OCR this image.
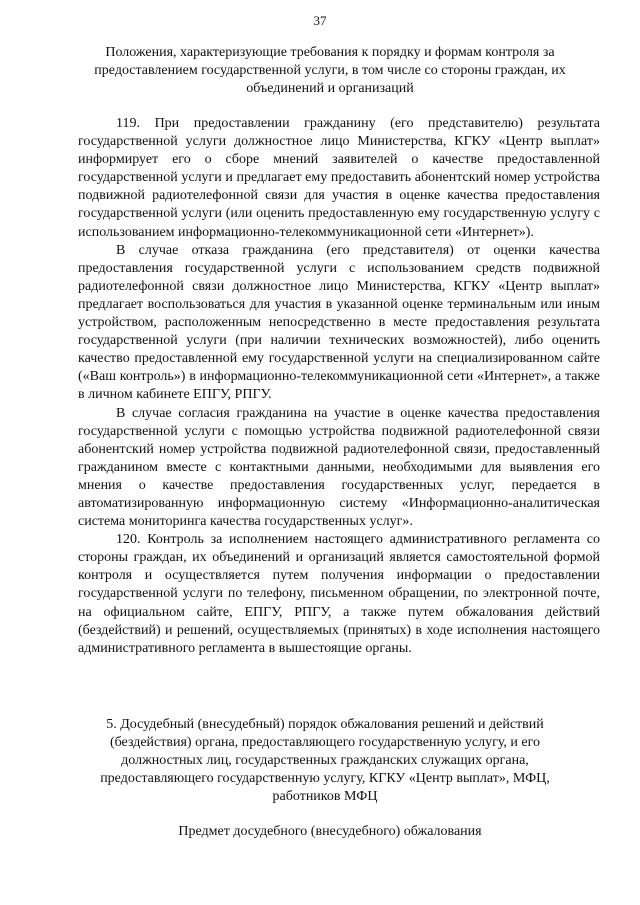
37
Положения, характеризующие требования к порядку и формам контроля за предоставлением государственной услуги, в том числе со стороны граждан, их объединений и организаций

119. При предоставлении гражданину (его представителю) результата государственной услуги должностное лицо Министерства, КГКУ «Центр выплат» информирует его о сборе мнений заявителей о качестве предоставленной государственной услуги и предлагает ему предоставить абонентский номер устройства подвижной радиотелефонной связи для участия в оценке качества предоставления государственной услуги (или оценить предоставленную ему государственную услугу с использованием информационно-телекоммуникационной сети «Интернет»).

В случае отказа гражданина (его представителя) от оценки качества предоставления государственной услуги с использованием средств подвижной радиотелефонной связи должностное лицо Министерства, КГКУ «Центр выплат» предлагает воспользоваться для участия в указанной оценке терминальным или иным устройством, расположенным непосредственно в месте предоставления результата государственной услуги (при наличии технических возможностей), либо оценить качество предоставленной ему государственной услуги на специализированном сайте («Ваш контроль») в информационно-телекоммуникационной сети «Интернет», а также в личном кабинете ЕПГУ, РПГУ.

В случае согласия гражданина на участие в оценке качества предоставления государственной услуги с помощью устройства подвижной радиотелефонной связи абонентский номер устройства подвижной радиотелефонной связи, предоставленный гражданином вместе с контактными данными, необходимыми для выявления его мнения о качестве предоставления государственных услуг, передается в автоматизированную информационную систему «Информационно-аналитическая система мониторинга качества государственных услуг».

120. Контроль за исполнением настоящего административного регламента со стороны граждан, их объединений и организаций является самостоятельной формой контроля и осуществляется путем получения информации о предоставлении государственной услуги по телефону, письменном обращении, по электронной почте, на официальном сайте, ЕПГУ, РПГУ, а также путем обжалования действий (бездействий) и решений, осуществляемых (принятых) в ходе исполнения настоящего административного регламента в вышестоящие органы.

5. Досудебный (внесудебный) порядок обжалования решений и действий (бездействия) органа, предоставляющего государственную услугу, и его должностных лиц, государственных гражданских служащих органа, предоставляющего государственную услугу, КГКУ «Центр выплат», МФЦ, работников МФЦ
Предмет досудебного (внесудебного) обжалования
